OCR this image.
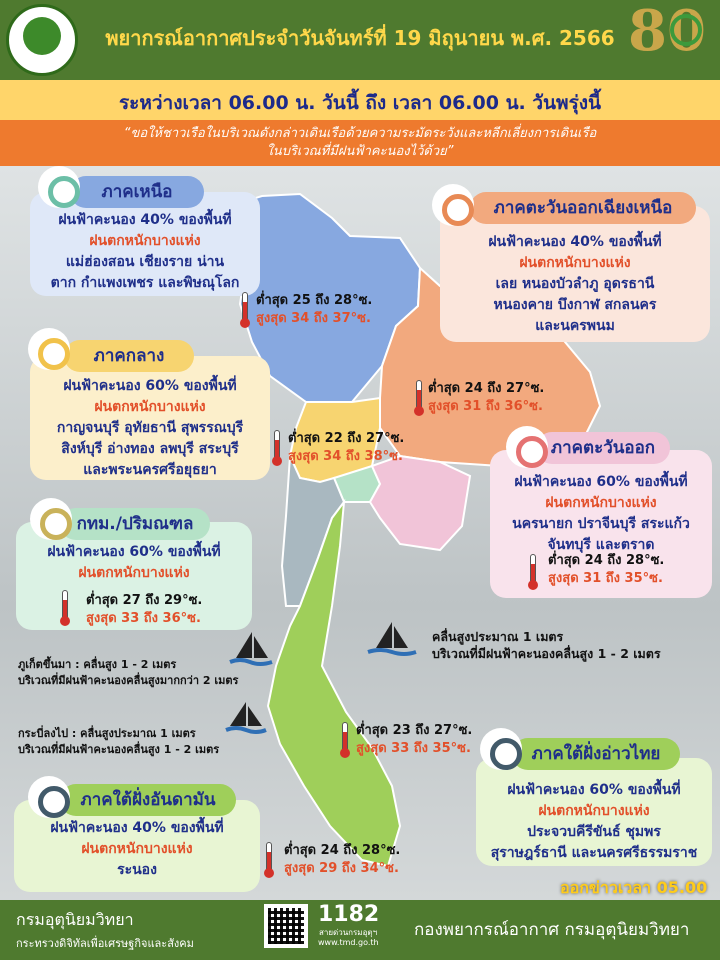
พยากรณ์อากาศประจำวันจันทร์ที่ 19 มิถุนายน พ.ศ. 2566 80
ระหว่างเวลา 06.00 น. วันนี้ ถึง เวลา 06.00 น. วันพรุ่งนี้
“ขอให้ชาวเรือในบริเวณดังกล่าวเดินเรือด้วยความระมัดระวังและหลีกเลี่ยงการเดินเรือ
ในบริเวณที่มีฝนฟ้าคะนองไว้ด้วย”
ฝนฟ้าคะนอง 40% ของพื้นที่
ฝนตกหนักบางแห่ง
แม่ฮ่องสอน เชียงราย น่าน
ตาก กำแพงเพชร และพิษณุโลก
ภาคเหนือ
ต่ำสุด 25 ถึง 28°ซ.
สูงสุด 34 ถึง 37°ซ.
ฝนฟ้าคะนอง 40% ของพื้นที่
ฝนตกหนักบางแห่ง
เลย หนองบัวลำภู อุดรธานี
หนองคาย บึงกาฬ สกลนคร
และนครพนม
ภาคตะวันออกเฉียงเหนือ
ต่ำสุด 24 ถึง 27°ซ.
สูงสุด 31 ถึง 36°ซ.
ฝนฟ้าคะนอง 60% ของพื้นที่
ฝนตกหนักบางแห่ง
กาญจนบุรี อุทัยธานี สุพรรณบุรี
สิงห์บุรี อ่างทอง ลพบุรี สระบุรี
และพระนครศรีอยุธยา
ภาคกลาง
ต่ำสุด 22 ถึง 27°ซ.
สูงสุด 34 ถึง 38°ซ.
ฝนฟ้าคะนอง 60% ของพื้นที่
ฝนตกหนักบางแห่ง
นครนายก ปราจีนบุรี สระแก้ว
จันทบุรี และตราด
ภาคตะวันออก
ต่ำสุด 24 ถึง 28°ซ.
สูงสุด 31 ถึง 35°ซ.
ฝนฟ้าคะนอง 60% ของพื้นที่
ฝนตกหนักบางแห่ง
กทม./ปริมณฑล
ต่ำสุด 27 ถึง 29°ซ.
สูงสุด 33 ถึง 36°ซ.
ภูเก็ตขึ้นมา : คลื่นสูง 1 - 2 เมตร
บริเวณที่มีฝนฟ้าคะนองคลื่นสูงมากกว่า 2 เมตร
กระบี่ลงไป : คลื่นสูงประมาณ 1 เมตร
บริเวณที่มีฝนฟ้าคะนองคลื่นสูง 1 - 2 เมตร
คลื่นสูงประมาณ 1 เมตร
บริเวณที่มีฝนฟ้าคะนองคลื่นสูง 1 - 2 เมตร
ต่ำสุด 23 ถึง 27°ซ.
สูงสุด 33 ถึง 35°ซ.
ฝนฟ้าคะนอง 60% ของพื้นที่
ฝนตกหนักบางแห่ง
ประจวบคีรีขันธ์ ชุมพร
สุราษฎร์ธานี และนครศรีธรรมราช
ภาคใต้ฝั่งอ่าวไทย
ฝนฟ้าคะนอง 40% ของพื้นที่
ฝนตกหนักบางแห่ง
ระนอง
ภาคใต้ฝั่งอันดามัน
ต่ำสุด 24 ถึง 28°ซ.
สูงสุด 29 ถึง 34°ซ.
ออกข่าวเวลา 05.00
กรมอุตุนิยมวิทยา
กระทรวงดิจิทัลเพื่อเศรษฐกิจและสังคม
1182
สายด่วนกรมอุตุฯ
www.tmd.go.th
กองพยากรณ์อากาศ กรมอุตุนิยมวิทยา
